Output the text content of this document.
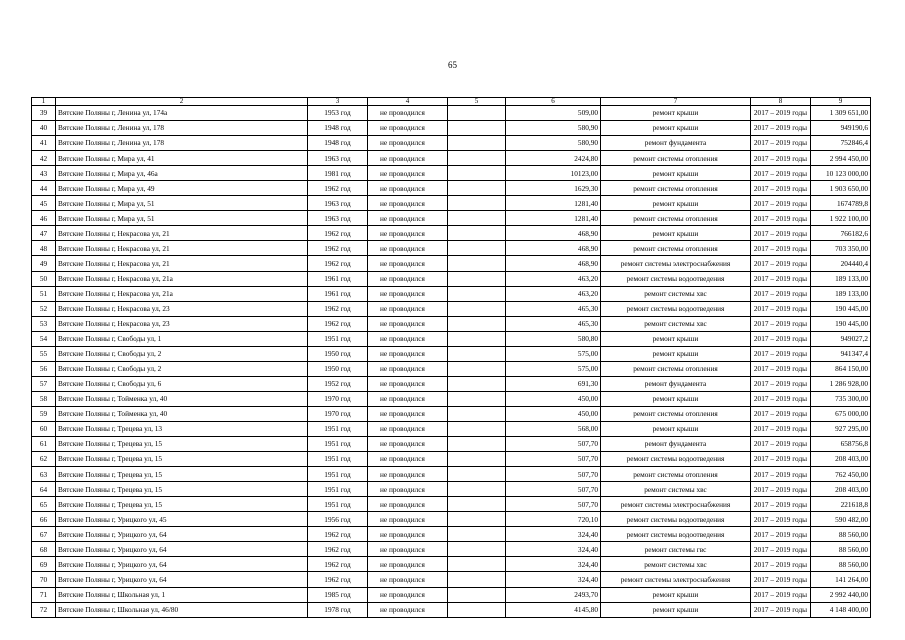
65
1	2	3	4	5	6	7	8	9
39	Вятские Поляны г, Ленина ул, 174а	1953 год	не проводился		509,00	ремонт крыши	2017 – 2019 годы	1 309 651,00
40	Вятские Поляны г, Ленина ул, 178	1948 год	не проводился		580,90	ремонт крыши	2017 – 2019 годы	949190,6
41	Вятские Поляны г, Ленина ул, 178	1948 год	не проводился		580,90	ремонт фундамента	2017 – 2019 годы	752846,4
42	Вятские Поляны г, Мира ул, 41	1963 год	не проводился		2424,80	ремонт системы отопления	2017 – 2019 годы	2 994 450,00
43	Вятские Поляны г, Мира ул, 46а	1981 год	не проводился		10123,00	ремонт крыши	2017 – 2019 годы	10 123 000,00
44	Вятские Поляны г, Мира ул, 49	1962 год	не проводился		1629,30	ремонт системы отопления	2017 – 2019 годы	1 903 650,00
45	Вятские Поляны г, Мира ул, 51	1963 год	не проводился		1281,40	ремонт крыши	2017 – 2019 годы	1674789,8
46	Вятские Поляны г, Мира ул, 51	1963 год	не проводился		1281,40	ремонт системы отопления	2017 – 2019 годы	1 922 100,00
47	Вятские Поляны г, Некрасова ул, 21	1962 год	не проводился		468,90	ремонт крыши	2017 – 2019 годы	766182,6
48	Вятские Поляны г, Некрасова ул, 21	1962 год	не проводился		468,90	ремонт системы отопления	2017 – 2019 годы	703 350,00
49	Вятские Поляны г, Некрасова ул, 21	1962 год	не проводился		468,90	ремонт системы электроснабжения	2017 – 2019 годы	204440,4
50	Вятские Поляны г, Некрасова ул, 21а	1961 год	не проводился		463,20	ремонт системы водоотведения	2017 – 2019 годы	189 133,00
51	Вятские Поляны г, Некрасова ул, 21а	1961 год	не проводился		463,20	ремонт системы хвс	2017 – 2019 годы	189 133,00
52	Вятские Поляны г, Некрасова ул, 23	1962 год	не проводился		465,30	ремонт системы водоотведения	2017 – 2019 годы	190 445,00
53	Вятские Поляны г, Некрасова ул, 23	1962 год	не проводился		465,30	ремонт системы хвс	2017 – 2019 годы	190 445,00
54	Вятские Поляны г, Свободы ул, 1	1951 год	не проводился		580,80	ремонт крыши	2017 – 2019 годы	949027,2
55	Вятские Поляны г, Свободы ул, 2	1950 год	не проводился		575,00	ремонт крыши	2017 – 2019 годы	941347,4
56	Вятские Поляны г, Свободы ул, 2	1950 год	не проводился		575,00	ремонт системы отопления	2017 – 2019 годы	864 150,00
57	Вятские Поляны г, Свободы ул, 6	1952 год	не проводился		691,30	ремонт фундамента	2017 – 2019 годы	1 286 928,00
58	Вятские Поляны г, Тойменка ул, 40	1970 год	не проводился		450,00	ремонт крыши	2017 – 2019 годы	735 300,00
59	Вятские Поляны г, Тойменка ул, 40	1970 год	не проводился		450,00	ремонт системы отопления	2017 – 2019 годы	675 000,00
60	Вятские Поляны г, Трецева ул, 13	1951 год	не проводился		568,00	ремонт крыши	2017 – 2019 годы	927 295,00
61	Вятские Поляны г, Трецева ул, 15	1951 год	не проводился		507,70	ремонт фундамента	2017 – 2019 годы	658756,8
62	Вятские Поляны г, Трецева ул, 15	1951 год	не проводился		507,70	ремонт системы водоотведения	2017 – 2019 годы	208 403,00
63	Вятские Поляны г, Трецева ул, 15	1951 год	не проводился		507,70	ремонт системы отопления	2017 – 2019 годы	762 450,00
64	Вятские Поляны г, Трецева ул, 15	1951 год	не проводился		507,70	ремонт системы хвс	2017 – 2019 годы	208 403,00
65	Вятские Поляны г, Трецева ул, 15	1951 год	не проводился		507,70	ремонт системы электроснабжения	2017 – 2019 годы	221618,8
66	Вятские Поляны г, Урицкого ул, 45	1956 год	не проводился		720,10	ремонт системы водоотведения	2017 – 2019 годы	590 482,00
67	Вятские Поляны г, Урицкого ул, 64	1962 год	не проводился		324,40	ремонт системы водоотведения	2017 – 2019 годы	88 560,00
68	Вятские Поляны г, Урицкого ул, 64	1962 год	не проводился		324,40	ремонт системы гвс	2017 – 2019 годы	88 560,00
69	Вятские Поляны г, Урицкого ул, 64	1962 год	не проводился		324,40	ремонт системы хвс	2017 – 2019 годы	88 560,00
70	Вятские Поляны г, Урицкого ул, 64	1962 год	не проводился		324,40	ремонт системы электроснабжения	2017 – 2019 годы	141 264,00
71	Вятские Поляны г, Школьная ул, 1	1985 год	не проводился		2493,70	ремонт крыши	2017 – 2019 годы	2 992 440,00
72	Вятские Поляны г, Школьная ул, 46/80	1978 год	не проводился		4145,80	ремонт крыши	2017 – 2019 годы	4 148 400,00
